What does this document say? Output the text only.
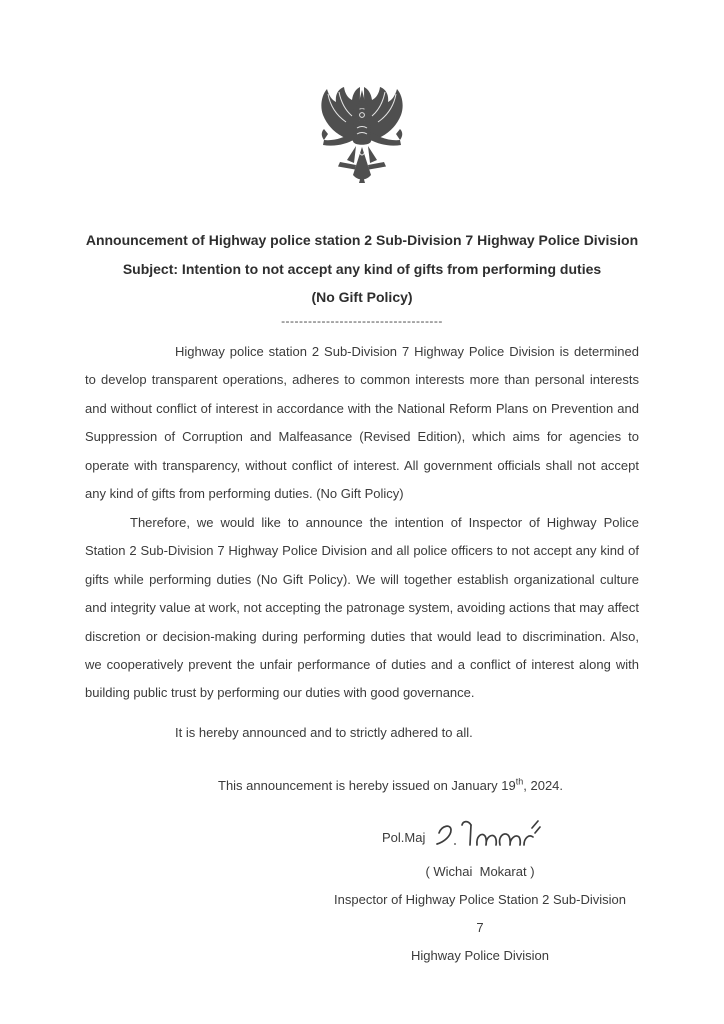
Announcement of Highway police station 2 Sub-Division 7 Highway Police Division
Subject: Intention to not accept any kind of gifts from performing duties
(No Gift Policy)
------------------------------------

Highway police station 2 Sub-Division 7 Highway Police Division is determined to develop transparent operations, adheres to common interests more than personal interests and without conflict of interest in accordance with the National Reform Plans on Prevention and Suppression of Corruption and Malfeasance (Revised Edition), which aims for agencies to operate with transparency, without conflict of interest. All government officials shall not accept any kind of gifts from performing duties. (No Gift Policy)

Therefore, we would like to announce the intention of Inspector of Highway Police Station 2 Sub-Division 7 Highway Police Division and all police officers to not accept any kind of gifts while performing duties (No Gift Policy). We will together establish organizational culture and integrity value at work, not accepting the patronage system, avoiding actions that may affect discretion or decision-making during performing duties that would lead to discrimination. Also, we cooperatively prevent the unfair performance of duties and a conflict of interest along with building public trust by performing our duties with good governance.

It is hereby announced and to strictly adhered to all.

This announcement is hereby issued on January 19th, 2024.

Pol.Maj
( Wichai  Mokarat )
Inspector of Highway Police Station 2 Sub-Division 7
Highway Police Division
